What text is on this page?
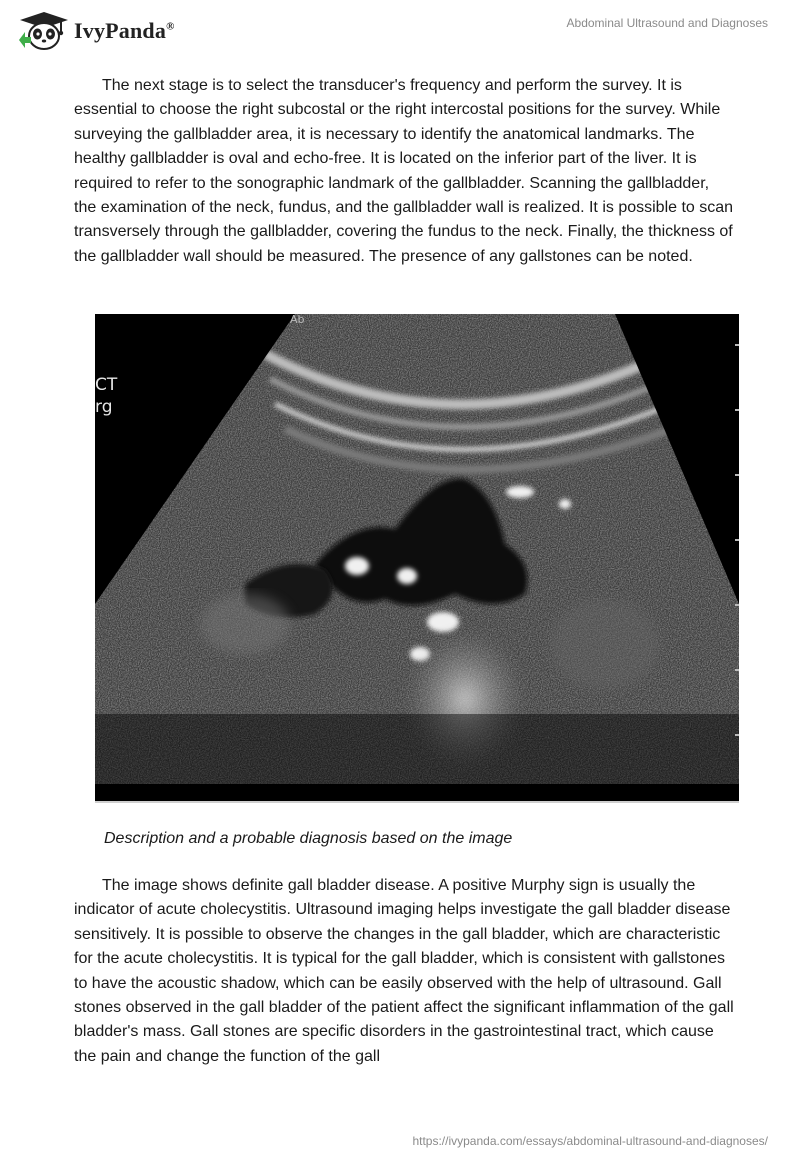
IvyPanda®	Abdominal Ultrasound and Diagnoses

The next stage is to select the transducer's frequency and perform the survey. It is essential to choose the right subcostal or the right intercostal positions for the survey. While surveying the gallbladder area, it is necessary to identify the anatomical landmarks. The healthy gallbladder is oval and echo-free. It is located on the inferior part of the liver. It is required to refer to the sonographic landmark of the gallbladder. Scanning the gallbladder, the examination of the neck, fundus, and the gallbladder wall is realized. It is possible to scan transversely through the gallbladder, covering the fundus to the neck. Finally, the thickness of the gallbladder wall should be measured. The presence of any gallstones can be noted.

Ab
CT
rg

Description and a probable diagnosis based on the image

The image shows definite gall bladder disease. A positive Murphy sign is usually the indicator of acute cholecystitis. Ultrasound imaging helps investigate the gall bladder disease sensitively. It is possible to observe the changes in the gall bladder, which are characteristic for the acute cholecystitis. It is typical for the gall bladder, which is consistent with gallstones to have the acoustic shadow, which can be easily observed with the help of ultrasound. Gall stones observed in the gall bladder of the patient affect the significant inflammation of the gall bladder's mass. Gall stones are specific disorders in the gastrointestinal tract, which cause the pain and change the function of the gall

https://ivypanda.com/essays/abdominal-ultrasound-and-diagnoses/
